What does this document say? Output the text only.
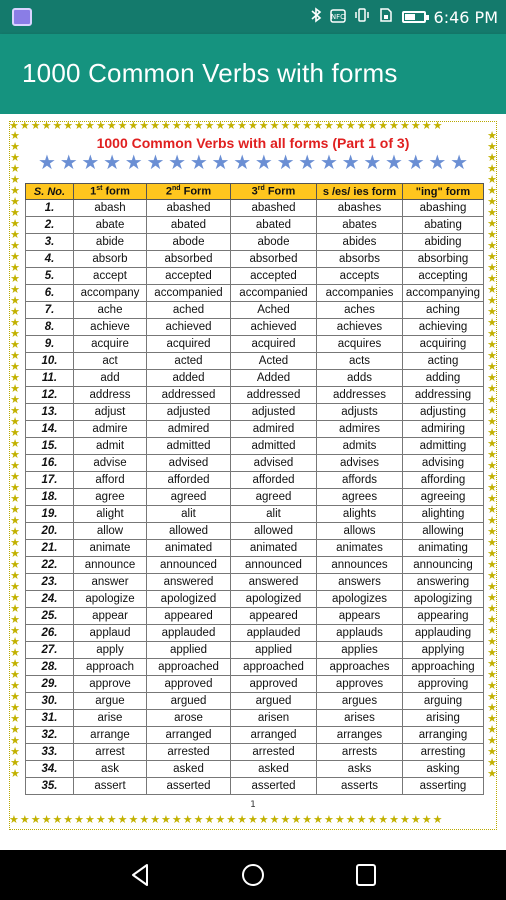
NFC	6:46 PM
1000 Common Verbs with forms
★★★★★★★★★★★★★★★★★★★★★★★★★★★★★★★★★★★★★★★★
★★★★★★★★★★★★★★★★★★★★★★★★★★★★★★★★★★★★★★★★
★★★★★★★★★★★★★★★★★★★★★★★★★★★★★★★★★★★★★★★★★★★★★★★★★★★★★★★★★★★
★★★★★★★★★★★★★★★★★★★★★★★★★★★★★★★★★★★★★★★★★★★★★★★★★★★★★★★★★★★
1000 Common Verbs with all forms (Part 1 of 3)
★ ★ ★ ★ ★ ★ ★ ★ ★ ★ ★ ★ ★ ★ ★ ★ ★ ★ ★ ★
S. No.	1st form	2nd Form	3rd Form	s /es/ ies form	"ing" form
1.	abash	abashed	abashed	abashes	abashing
2.	abate	abated	abated	abates	abating
3.	abide	abode	abode	abides	abiding
4.	absorb	absorbed	absorbed	absorbs	absorbing
5.	accept	accepted	accepted	accepts	accepting
6.	accompany	accompanied	accompanied	accompanies	accompanying
7.	ache	ached	Ached	aches	aching
8.	achieve	achieved	achieved	achieves	achieving
9.	acquire	acquired	acquired	acquires	acquiring
10.	act	acted	Acted	acts	acting
11.	add	added	Added	adds	adding
12.	address	addressed	addressed	addresses	addressing
13.	adjust	adjusted	adjusted	adjusts	adjusting
14.	admire	admired	admired	admires	admiring
15.	admit	admitted	admitted	admits	admitting
16.	advise	advised	advised	advises	advising
17.	afford	afforded	afforded	affords	affording
18.	agree	agreed	agreed	agrees	agreeing
19.	alight	alit	alit	alights	alighting
20.	allow	allowed	allowed	allows	allowing
21.	animate	animated	animated	animates	animating
22.	announce	announced	announced	announces	announcing
23.	answer	answered	answered	answers	answering
24.	apologize	apologized	apologized	apologizes	apologizing
25.	appear	appeared	appeared	appears	appearing
26.	applaud	applauded	applauded	applauds	applauding
27.	apply	applied	applied	applies	applying
28.	approach	approached	approached	approaches	approaching
29.	approve	approved	approved	approves	approving
30.	argue	argued	argued	argues	arguing
31.	arise	arose	arisen	arises	arising
32.	arrange	arranged	arranged	arranges	arranging
33.	arrest	arrested	arrested	arrests	arresting
34.	ask	asked	asked	asks	asking
35.	assert	asserted	asserted	asserts	asserting
1
